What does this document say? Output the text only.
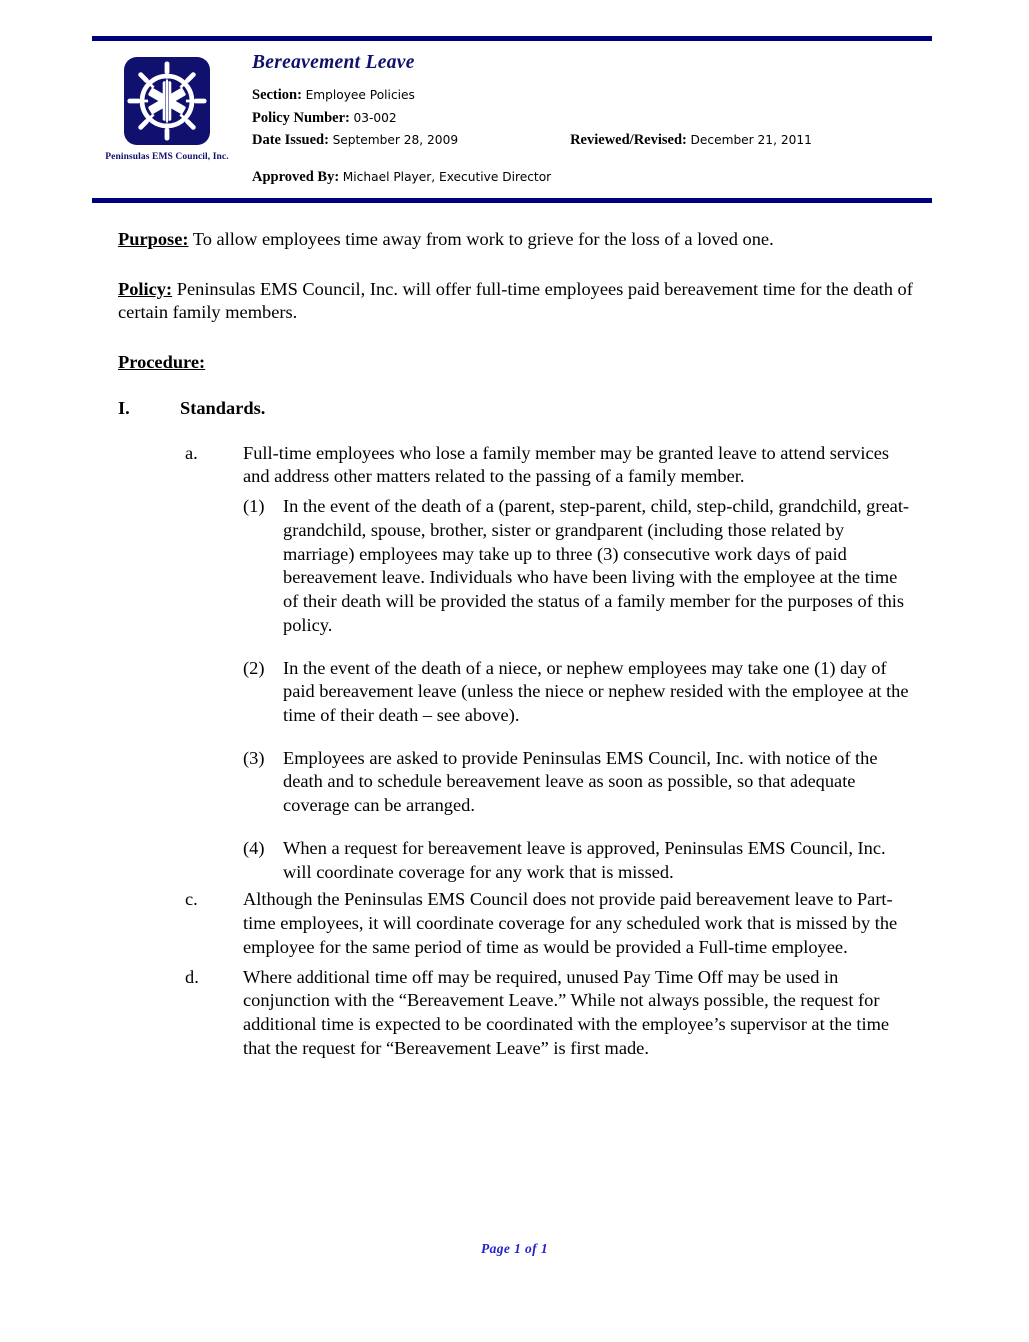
Peninsulas EMS Council, Inc.
Bereavement Leave
Section: Employee Policies
Policy Number: 03-002
Date Issued: September 28, 2009	Reviewed/Revised: December 21, 2011
Approved By: Michael Player, Executive Director

Purpose: To allow employees time away from work to grieve for the loss of a loved one.

Policy: Peninsulas EMS Council, Inc. will offer full-time employees paid bereavement time for the death of certain family members.

Procedure:

I.	Standards.
a.	Full-time employees who lose a family member may be granted leave to attend services and address other matters related to the passing of a family member.
(1)	In the event of the death of a (parent, step-parent, child, step-child, grandchild, great-grandchild, spouse, brother, sister or grandparent (including those related by marriage) employees may take up to three (3) consecutive work days of paid bereavement leave. Individuals who have been living with the employee at the time of their death will be provided the status of a family member for the purposes of this policy.
(2)	In the event of the death of a niece, or nephew employees may take one (1) day of paid bereavement leave (unless the niece or nephew resided with the employee at the time of their death – see above).
(3)	Employees are asked to provide Peninsulas EMS Council, Inc. with notice of the death and to schedule bereavement leave as soon as possible, so that adequate coverage can be arranged.
(4)	When a request for bereavement leave is approved, Peninsulas EMS Council, Inc. will coordinate coverage for any work that is missed.
c.	Although the Peninsulas EMS Council does not provide paid bereavement leave to Part-time employees, it will coordinate coverage for any scheduled work that is missed by the employee for the same period of time as would be provided a Full-time employee.
d.	Where additional time off may be required, unused Pay Time Off may be used in conjunction with the “Bereavement Leave.” While not always possible, the request for additional time is expected to be coordinated with the employee’s supervisor at the time that the request for “Bereavement Leave” is first made.
Page 1 of 1
